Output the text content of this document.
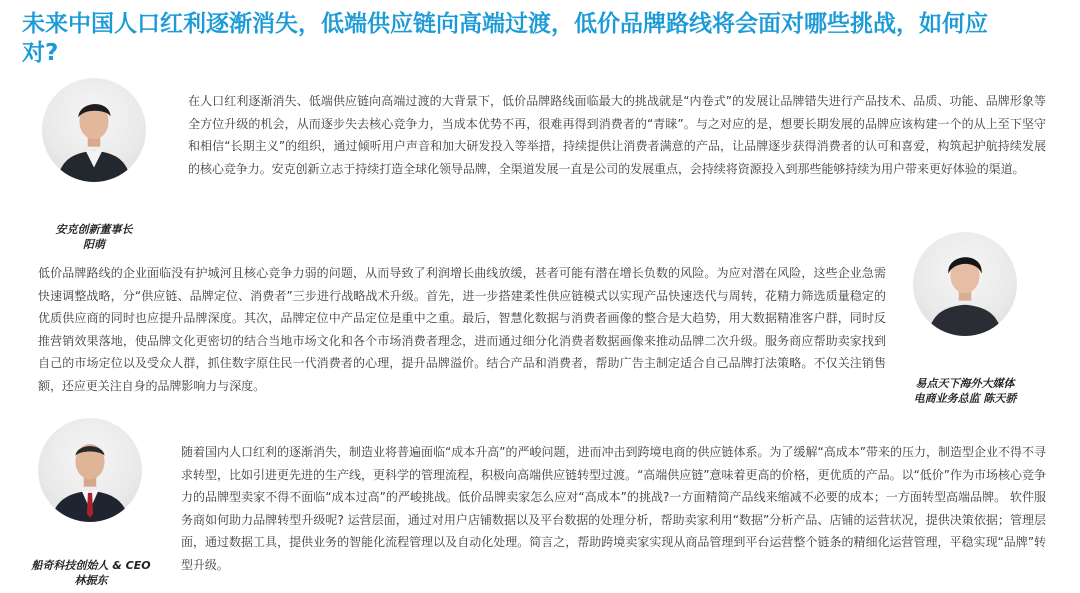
未来中国人口红利逐渐消失，低端供应链向高端过渡，低价品牌路线将会面对哪些挑战，如何应对?
安克创新董事长
阳萌

在人口红利逐渐消失、低端供应链向高端过渡的大背景下，低价品牌路线面临最大的挑战就是“内卷式”的发展让品牌错失进行产品技术、品质、功能、品牌形象等全方位升级的机会，从而逐步失去核心竞争力，当成本优势不再，很难再得到消费者的“青睐”。与之对应的是，想要长期发展的品牌应该构建一个的从上至下坚守和相信“长期主义”的组织，通过倾听用户声音和加大研发投入等举措，持续提供让消费者满意的产品，让品牌逐步获得消费者的认可和喜爱，构筑起护航持续发展的核心竞争力。安克创新立志于持续打造全球化领导品牌，全渠道发展一直是公司的发展重点，会持续将资源投入到那些能够持续为用户带来更好体验的渠道。

易点天下海外大媒体
电商业务总监 陈天骄

低价品牌路线的企业面临没有护城河且核心竞争力弱的问题，从而导致了利润增长曲线放缓，甚者可能有潜在增长负数的风险。为应对潜在风险，这些企业急需快速调整战略，分“供应链、品牌定位、消费者”三步进行战略战术升级。首先，进一步搭建柔性供应链模式以实现产品快速迭代与周转，花精力筛选质量稳定的优质供应商的同时也应提升品牌深度。其次，品牌定位中产品定位是重中之重。最后，智慧化数据与消费者画像的整合是大趋势，用大数据精准客户群，同时反推营销效果落地，使品牌文化更密切的结合当地市场文化和各个市场消费者理念，进而通过细分化消费者数据画像来推动品牌二次升级。服务商应帮助卖家找到自己的市场定位以及受众人群，抓住数字原住民一代消费者的心理，提升品牌溢价。结合产品和消费者，帮助广告主制定适合自己品牌打法策略。不仅关注销售额，还应更关注自身的品牌影响力与深度。

船奇科技创始人 & CEO
林振东

随着国内人口红利的逐渐消失，制造业将普遍面临“成本升高”的严峻问题，进而冲击到跨境电商的供应链体系。为了缓解“高成本”带来的压力，制造型企业不得不寻求转型，比如引进更先进的生产线，更科学的管理流程，积极向高端供应链转型过渡。“高端供应链”意味着更高的价格，更优质的产品。以“低价”作为市场核心竞争力的品牌型卖家不得不面临“成本过高”的严峻挑战。低价品牌卖家怎么应对“高成本”的挑战?一方面精简产品线来缩减不必要的成本；一方面转型高端品牌。 软件服务商如何助力品牌转型升级呢? 运营层面，通过对用户店铺数据以及平台数据的处理分析，帮助卖家利用“数据”分析产品、店铺的运营状况，提供决策依据；管理层面，通过数据工具，提供业务的智能化流程管理以及自动化处理。简言之，帮助跨境卖家实现从商品管理到平台运营整个链条的精细化运营管理，平稳实现“品牌”转型升级。
